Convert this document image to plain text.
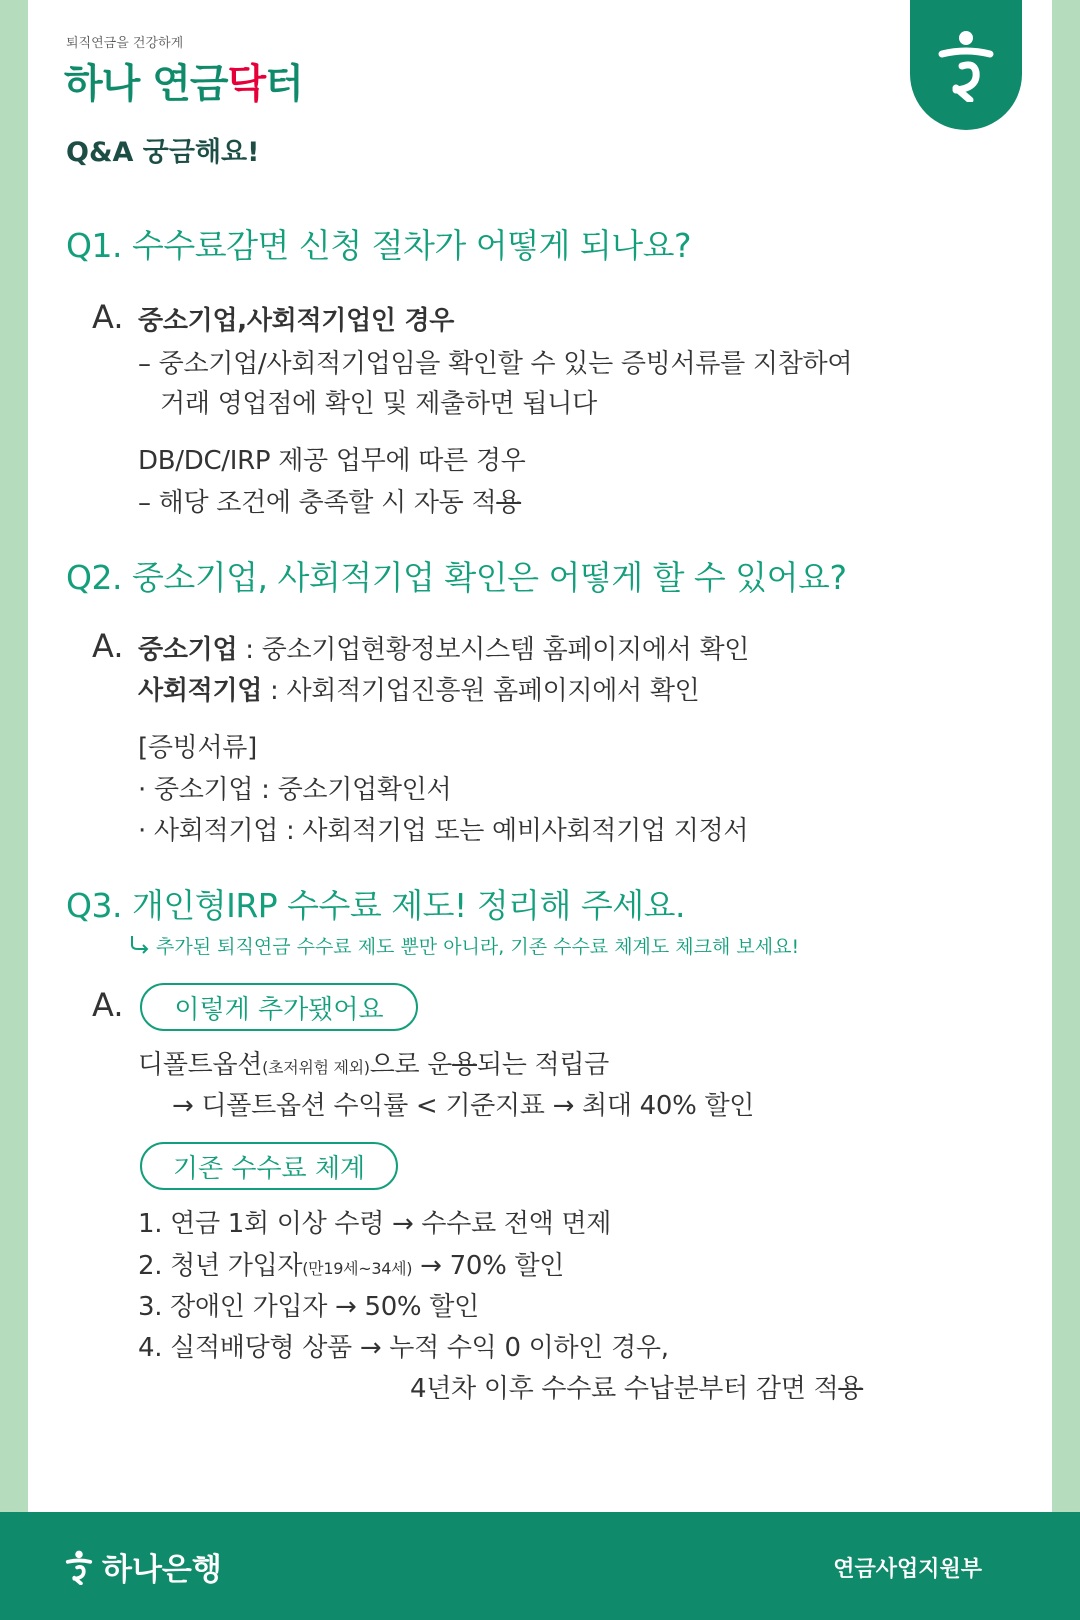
퇴직연금을 건강하게
하나 연금닥터
Q&A 궁금해요!
Q1. 수수료감면 신청 절차가 어떻게 되나요?
A. 중소기업,사회적기업인 경우
– 중소기업/사회적기업임을 확인할 수 있는 증빙서류를 지참하여
거래 영업점에 확인 및 제출하면 됩니다
DB/DC/IRP 제공 업무에 따른 경우
– 해당 조건에 충족할 시 자동 적용
Q2. 중소기업, 사회적기업 확인은 어떻게 할 수 있어요?
A. 중소기업 : 중소기업현황정보시스템 홈페이지에서 확인
사회적기업 : 사회적기업진흥원 홈페이지에서 확인
[증빙서류]
· 중소기업 : 중소기업확인서
· 사회적기업 : 사회적기업 또는 예비사회적기업 지정서
Q3. 개인형IRP 수수료 제도! 정리해 주세요.
추가된 퇴직연금 수수료 제도 뿐만 아니라, 기존 수수료 체계도 체크해 보세요!
A.	이렇게 추가됐어요
디폴트옵션(초저위험 제외)으로 운용되는 적립금
→ 디폴트옵션 수익률 < 기준지표 → 최대 40% 할인
기존 수수료 체계
1. 연금 1회 이상 수령 → 수수료 전액 면제
2. 청년 가입자(만19세~34세) → 70% 할인
3. 장애인 가입자 → 50% 할인
4. 실적배당형 상품 → 누적 수익 0 이하인 경우,
4년차 이후 수수료 수납분부터 감면 적용
하나은행	연금사업지원부
